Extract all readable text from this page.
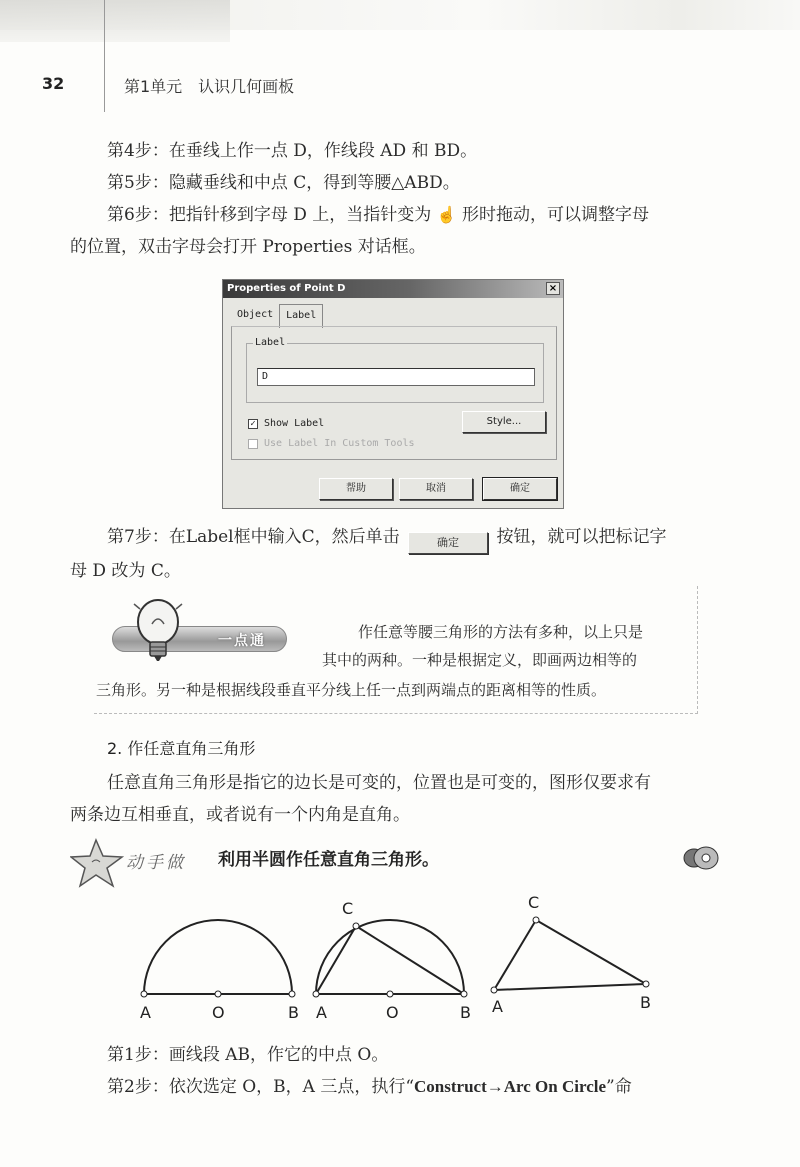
32	第1单元　认识几何画板
第4步：在垂线上作一点 D，作线段 AD 和 BD。
第5步：隐藏垂线和中点 C，得到等腰△ABD。
第6步：把指针移到字母 D 上，当指针变为 ☝ 形时拖动，可以调整字母
的位置，双击字母会打开 Properties 对话框。
Properties of Point D	×
Object	Label
Label
D
✓ Show Label	Style...
Use Label In Custom Tools
帮助	取消	确定
第7步：在Label框中输入C，然后单击	确定 按钮，就可以把标记字
母 D 改为 C。
一点通	作任意等腰三角形的方法有多种，以上只是
其中的两种。一种是根据定义，即画两边相等的
三角形。另一种是根据线段垂直平分线上任一点到两端点的距离相等的性质。
2. 作任意直角三角形
任意直角三角形是指它的边长是可变的，位置也是可变的，图形仅要求有
两条边互相垂直，或者说有一个内角是直角。
动手做 利用半圆作任意直角三角形。
A	O	B
C
A	O	B
C
A	B
第1步：画线段 AB，作它的中点 O。
第2步：依次选定 O，B，A 三点，执行“Construct→Arc On Circle”命
